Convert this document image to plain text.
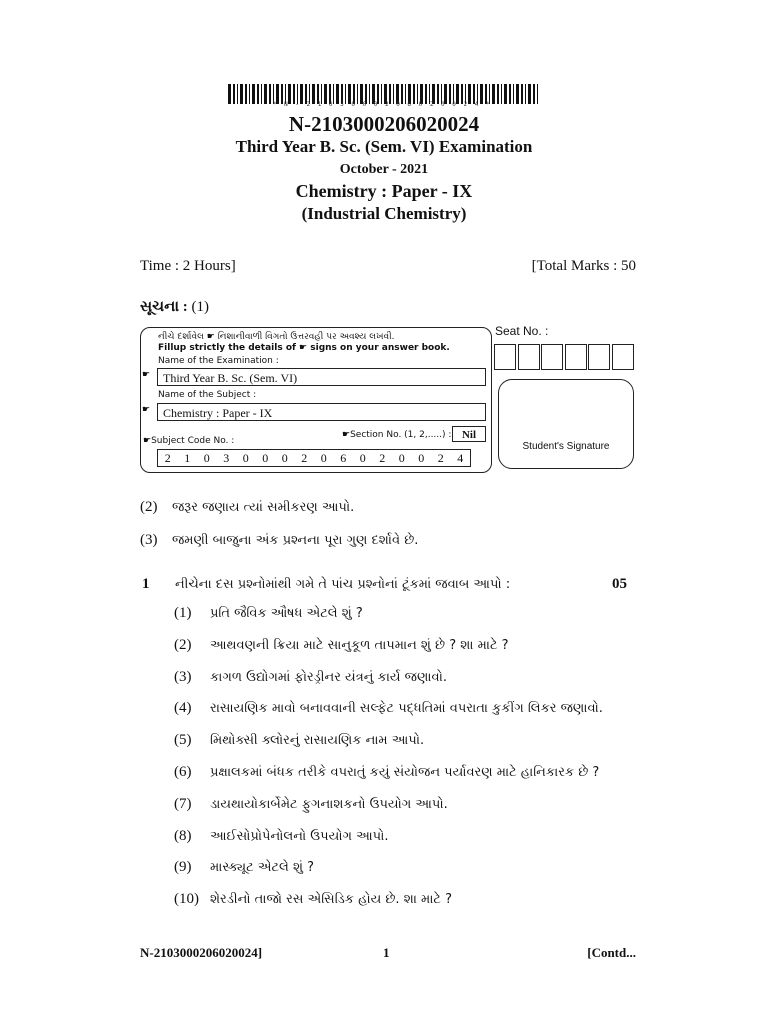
*N-2103000206020024*
N-2103000206020024
Third Year B. Sc. (Sem. VI) Examination
October - 2021
Chemistry : Paper - IX
(Industrial Chemistry)
Time : 2 Hours]	[Total Marks : 50
સૂચના : (1)
નીચે દર્શાવેલ ☛ નિશાનીવાળી વિગતો ઉત્તરવહી પર અવશ્ય લખવી.
Fillup strictly the details of ☛ signs on your answer book.
Name of the Examination :
☛	Third Year B. Sc. (Sem. VI)
Name of the Subject :
☛	Chemistry : Paper - IX
☛Section No. (1, 2,.....) : Nil
☛Subject Code No. :
2 1 0 3 0 0 0 2 0 6 0 2 0 0 2 4
Seat No. :
Student's Signature
(2) જરૂર જણાય ત્યાં સમીકરણ આપો.
(3) જમણી બાજુના અંક પ્રશ્નના પૂરા ગુણ દર્શાવે છે.
1 નીચેના દસ પ્રશ્નોમાંથી ગમે તે પાંચ પ્રશ્નોનાં ટૂંકમાં જવાબ આપો :	05
(1) પ્રતિ જૈવિક ઔષધ એટલે શું ?
(2) આથવણની ક્રિયા માટે સાનુકૂળ તાપમાન શું છે ? શા માટે ?
(3) કાગળ ઉદ્યોગમાં ફોરડ્રીનર યંત્રનું કાર્ય જણાવો.
(4) રાસાયણિક માવો બનાવવાની સલ્ફેટ પદ્ધતિમાં વપરાતા કુકીંગ લિકર જણાવો.
(5) મિથોક્સી ક્લોરનું રાસાયણિક નામ આપો.
(6) પ્રક્ષાલકમાં બંધક તરીકે વપરાતું કયું સંયોજન પર્યાવરણ માટે હાનિકારક છે ?
(7) ડાયથાયોકાર્બેમેટ ફુગનાશકનો ઉપયોગ આપો.
(8) આઈસોપ્રોપેનોલનો ઉપયોગ આપો.
(9) માસ્ક્યૂટ એટલે શું ?
(10) શેરડીનો તાજો રસ એસિડિક હોય છે. શા માટે ?
N-2103000206020024]	1	[Contd...
